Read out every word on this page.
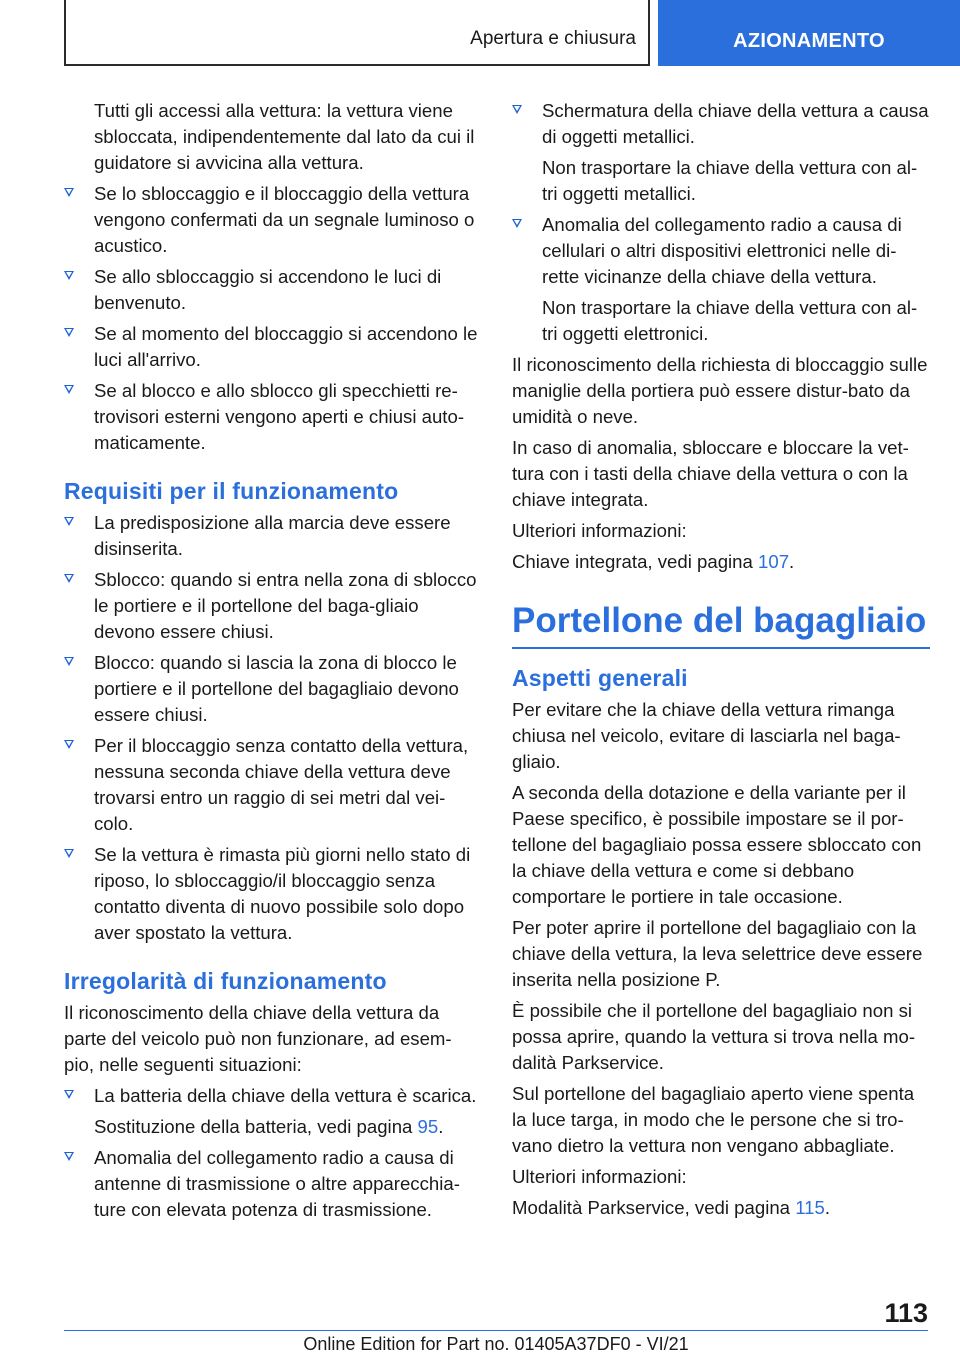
Apertura e chiusura	AZIONAMENTO

Tutti gli accessi alla vettura: la vettura viene sbloccata, indipendentemente dal lato da cui il guidatore si avvicina alla vettura.

Se lo sbloccaggio e il bloccaggio della vettura vengono confermati da un segnale luminoso o acustico.
Se allo sbloccaggio si accendono le luci di benvenuto.
Se al momento del bloccaggio si accendono le luci all'arrivo.
Se al blocco e allo sblocco gli specchietti re-trovisori esterni vengono aperti e chiusi auto-maticamente.
Requisiti per il funzionamento
La predisposizione alla marcia deve essere disinserita.
Sblocco: quando si entra nella zona di sblocco le portiere e il portellone del baga-gliaio devono essere chiusi.
Blocco: quando si lascia la zona di blocco le portiere e il portellone del bagagliaio devono essere chiusi.
Per il bloccaggio senza contatto della vettura, nessuna seconda chiave della vettura deve trovarsi entro un raggio di sei metri dal vei-colo.
Se la vettura è rimasta più giorni nello stato di riposo, lo sbloccaggio/il bloccaggio senza contatto diventa di nuovo possibile solo dopo aver spostato la vettura.
Irregolarità di funzionamento

Il riconoscimento della chiave della vettura da parte del veicolo può non funzionare, ad esem-pio, nelle seguenti situazioni:

La batteria della chiave della vettura è scarica.

Sostituzione della batteria, vedi pagina 95.

Anomalia del collegamento radio a causa di antenne di trasmissione o altre apparecchia-ture con elevata potenza di trasmissione.
Schermatura della chiave della vettura a causa di oggetti metallici.

Non trasportare la chiave della vettura con al-tri oggetti metallici.

Anomalia del collegamento radio a causa di cellulari o altri dispositivi elettronici nelle di-rette vicinanze della chiave della vettura.

Non trasportare la chiave della vettura con al-tri oggetti elettronici.

Il riconoscimento della richiesta di bloccaggio sulle maniglie della portiera può essere distur-bato da umidità o neve.

In caso di anomalia, sbloccare e bloccare la vet-tura con i tasti della chiave della vettura o con la chiave integrata.

Ulteriori informazioni:

Chiave integrata, vedi pagina 107.

Portellone del bagagliaio
Aspetti generali

Per evitare che la chiave della vettura rimanga chiusa nel veicolo, evitare di lasciarla nel baga-gliaio.

A seconda della dotazione e della variante per il Paese specifico, è possibile impostare se il por-tellone del bagagliaio possa essere sbloccato con la chiave della vettura e come si debbano comportare le portiere in tale occasione.

Per poter aprire il portellone del bagagliaio con la chiave della vettura, la leva selettrice deve essere inserita nella posizione P.

È possibile che il portellone del bagagliaio non si possa aprire, quando la vettura si trova nella mo-dalità Parkservice.

Sul portellone del bagagliaio aperto viene spenta la luce targa, in modo che le persone che si tro-vano dietro la vettura non vengano abbagliate.

Ulteriori informazioni:

Modalità Parkservice, vedi pagina 115.

113
Online Edition for Part no. 01405A37DF0 - VI/21
